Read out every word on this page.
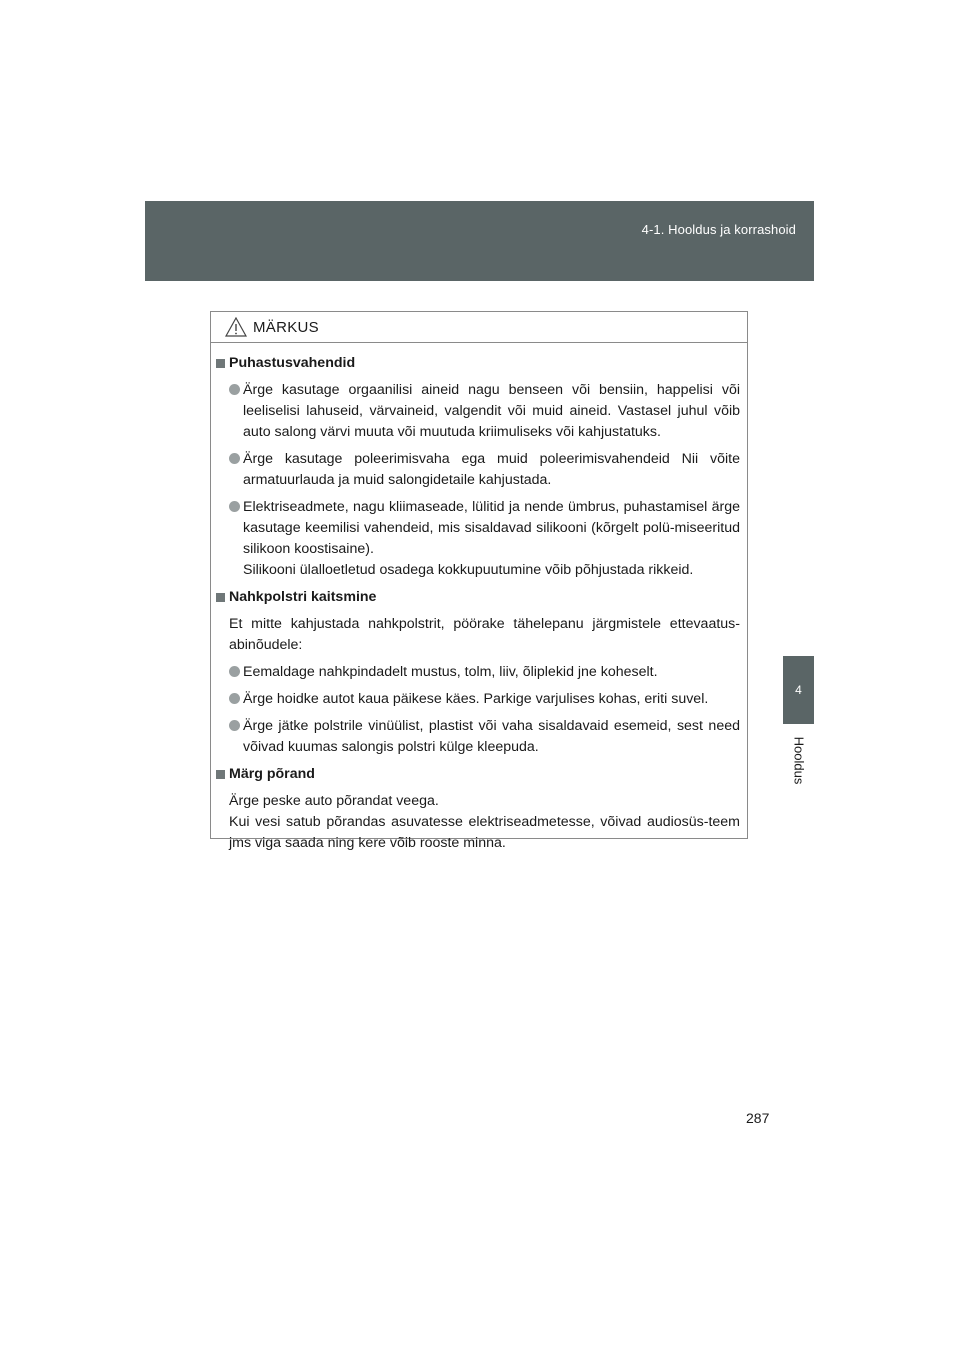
4-1. Hooldus ja korrashoid
4
Hooldus
MÄRKUS
Puhastusvahendid
Ärge kasutage orgaanilisi aineid nagu benseen või bensiin, happelisi või leeliselisi lahuseid, värvaineid, valgendit või muid aineid. Vastasel juhul võib auto salong värvi muuta või muutuda kriimuliseks või kahjustatuks.
Ärge kasutage poleerimisvaha ega muid poleerimisvahendeid Nii võite armatuurlauda ja muid salongidetaile kahjustada.
Elektriseadmete, nagu kliimaseade, lülitid ja nende ümbrus, puhastamisel ärge kasutage keemilisi vahendeid, mis sisaldavad silikooni (kõrgelt polü-miseeritud silikoon koostisaine).
Silikooni ülalloetletud osadega kokkupuutumine võib põhjustada rikkeid.
Nahkpolstri kaitsmine
Et mitte kahjustada nahkpolstrit, pöörake tähelepanu järgmistele ettevaatus-abinõudele:
Eemaldage nahkpindadelt mustus, tolm, liiv, õliplekid jne koheselt.
Ärge hoidke autot kaua päikese käes. Parkige varjulises kohas, eriti suvel.
Ärge jätke polstrile vinüülist, plastist või vaha sisaldavaid esemeid, sest need võivad kuumas salongis polstri külge kleepuda.
Märg põrand
Ärge peske auto põrandat veega.
Kui vesi satub põrandas asuvatesse elektriseadmetesse, võivad audiosüs-teem jms viga saada ning kere võib rooste minna.
287
